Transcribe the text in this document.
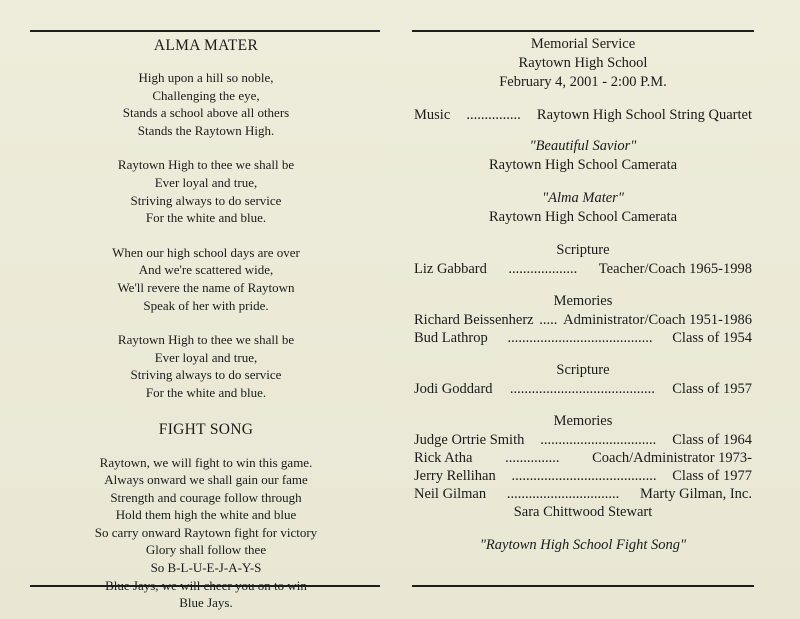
ALMA MATER

High upon a hill so noble,

Challenging the eye,

Stands a school above all others

Stands the Raytown High.

Raytown High to thee we shall be

Ever loyal and true,

Striving always to do service

For the white and blue.

When our high school days are over

And we're scattered wide,

We'll revere the name of Raytown

Speak of her with pride.

Raytown High to thee we shall be

Ever loyal and true,

Striving always to do service

For the white and blue.

FIGHT SONG

Raytown, we will fight to win this game.

Always onward we shall gain our fame

Strength and courage follow through

Hold them high the white and blue

So carry onward Raytown fight for victory

Glory shall follow thee

So B-L-U-E-J-A-Y-S

Blue Jays, we will cheer you on to win

Blue Jays.

Memorial Service

Raytown High School

February 4, 2001 - 2:00 P.M.

Music	...............	Raytown High School String Quartet

"Beautiful Savior"

Raytown High School Camerata

"Alma Mater"

Raytown High School Camerata

Scripture

Liz Gabbard	...................	Teacher/Coach 1965-1998

Memories

Richard Beissenherz ..... Administrator/Coach 1951-1986
Bud Lathrop	........................................	Class of 1954

Scripture

Jodi Goddard	........................................	Class of 1957

Memories

Judge Ortrie Smith	................................	Class of 1964
Rick Atha	...............	Coach/Administrator 1973-
Jerry Rellihan	........................................	Class of 1977
Neil Gilman	...............................	Marty Gilman, Inc.

Sara Chittwood Stewart

"Raytown High School Fight Song"
